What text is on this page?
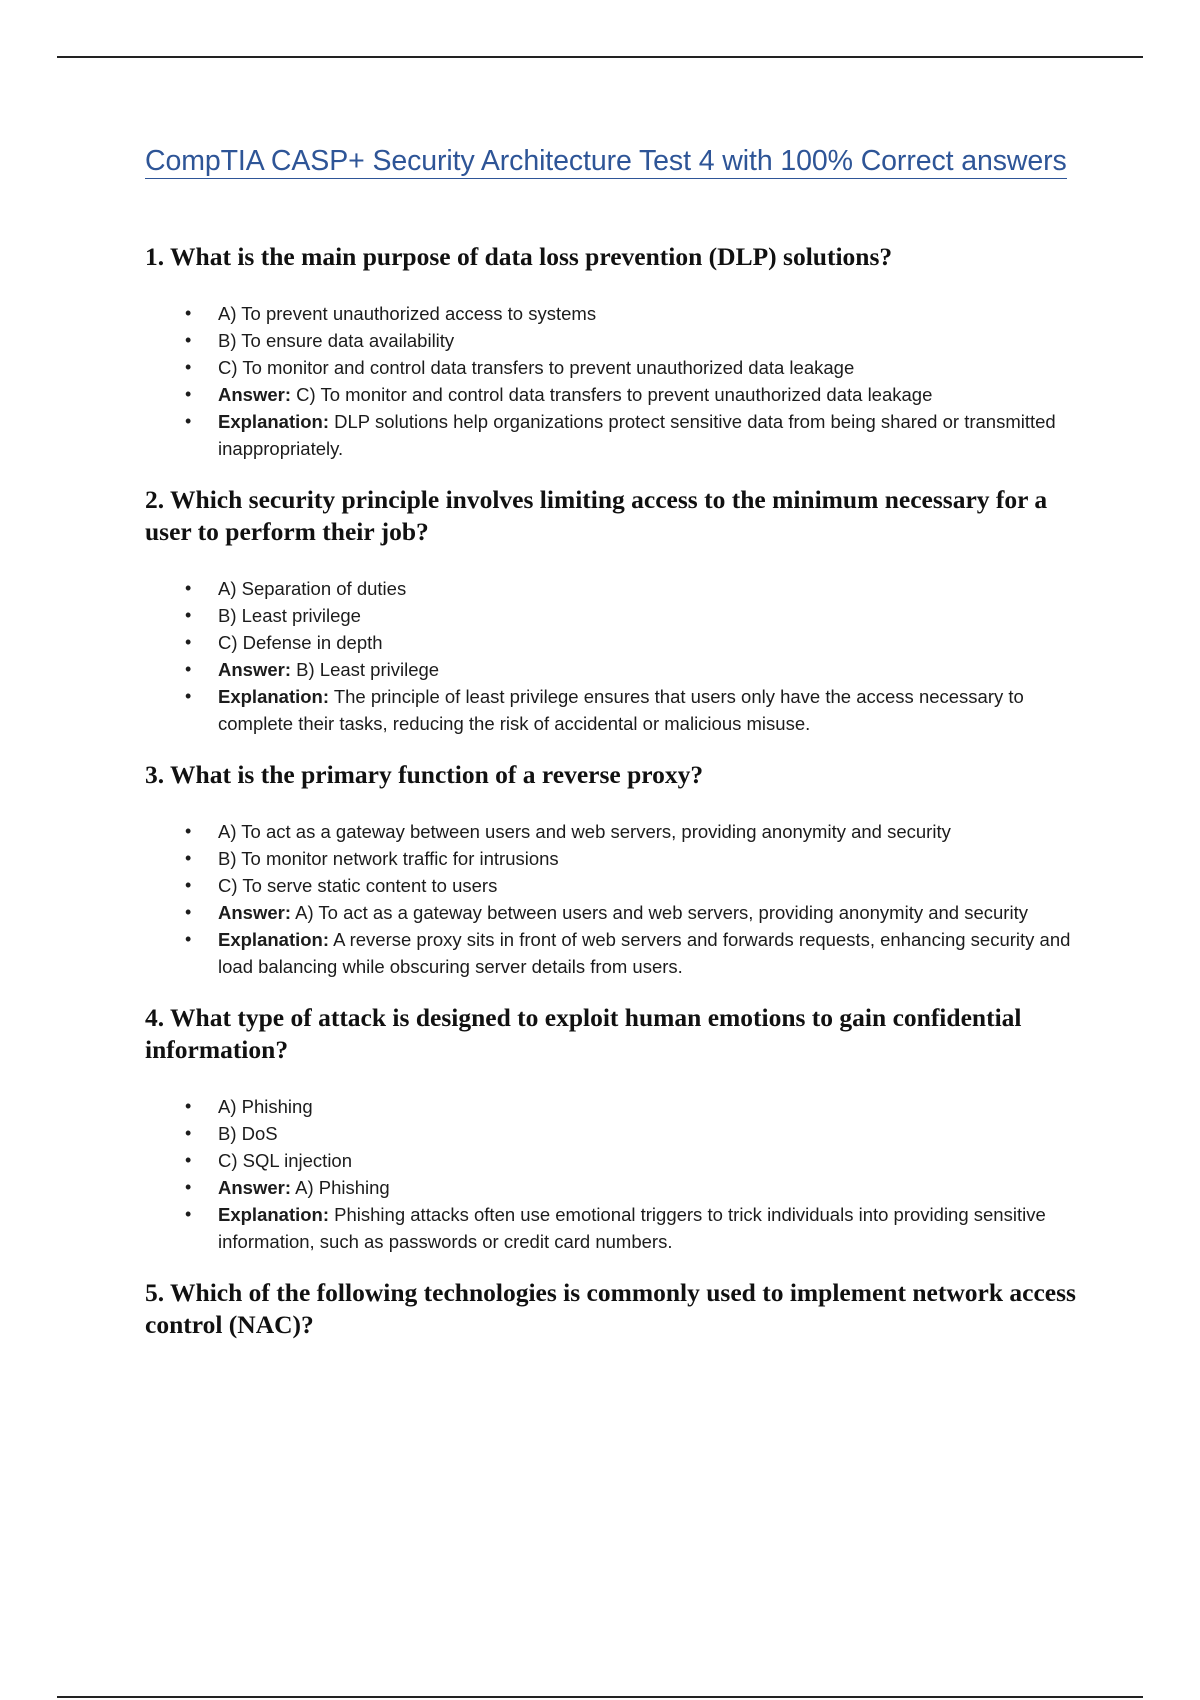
CompTIA CASP+ Security Architecture Test 4 with 100% Correct answers
1. What is the main purpose of data loss prevention (DLP) solutions?
• A) To prevent unauthorized access to systems
• B) To ensure data availability
• C) To monitor and control data transfers to prevent unauthorized data leakage
• Answer: C) To monitor and control data transfers to prevent unauthorized data leakage
• Explanation: DLP solutions help organizations protect sensitive data from being shared or transmitted inappropriately.
2. Which security principle involves limiting access to the minimum necessary for a user to perform their job?
• A) Separation of duties
• B) Least privilege
• C) Defense in depth
• Answer: B) Least privilege
• Explanation: The principle of least privilege ensures that users only have the access necessary to complete their tasks, reducing the risk of accidental or malicious misuse.
3. What is the primary function of a reverse proxy?
• A) To act as a gateway between users and web servers, providing anonymity and security
• B) To monitor network traffic for intrusions
• C) To serve static content to users
• Answer: A) To act as a gateway between users and web servers, providing anonymity and security
• Explanation: A reverse proxy sits in front of web servers and forwards requests, enhancing security and load balancing while obscuring server details from users.
4. What type of attack is designed to exploit human emotions to gain confidential information?
• A) Phishing
• B) DoS
• C) SQL injection
• Answer: A) Phishing
• Explanation: Phishing attacks often use emotional triggers to trick individuals into providing sensitive information, such as passwords or credit card numbers.
5. Which of the following technologies is commonly used to implement network access control (NAC)?
